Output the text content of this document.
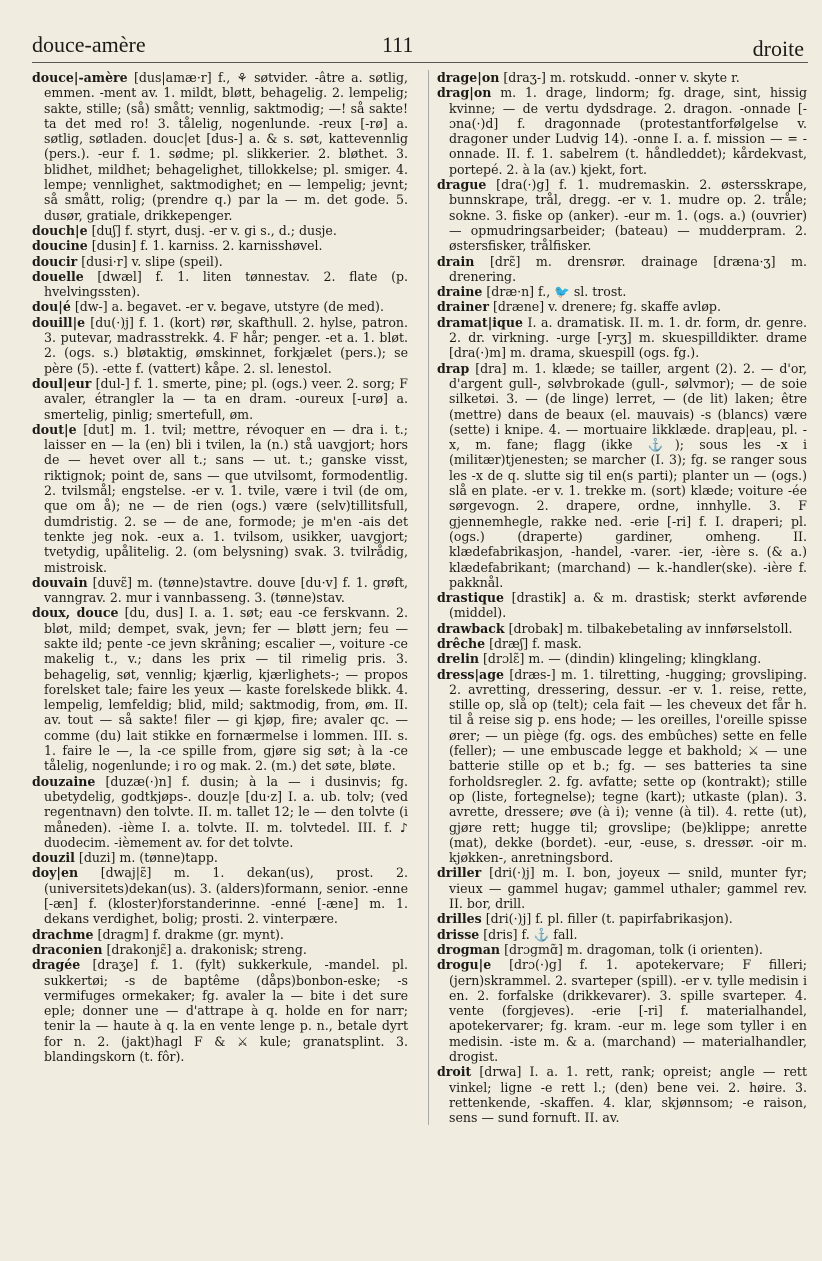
douce-amère	111	droite

douce|-amère [dus|amæ·r] f., ⚘ søtvider. -âtre a. søtlig, emmen. -ment av. 1. mildt, bløtt, behagelig. 2. lempelig; sakte, stille; (så) smått; vennlig, saktmodig; —! så sakte! ta det med ro! 3. tålelig, nogenlunde. -reux [-rø] a. søtlig, søtladen. douc|et [dus-] a. & s. søt, kattevennlig (pers.). -eur f. 1. sødme; pl. slikkerier. 2. bløthet. 3. blidhet, mildhet; behagelighet, tillokkelse; pl. smiger. 4. lempe; vennlighet, saktmodighet; en — lempelig; jevnt; så smått, rolig; (prendre q.) par la — m. det gode. 5. dusør, gratiale, drikkepenger.

douch|e [duʃ] f. styrt, dusj. -er v. gi s., d.; dusje.

doucine [dusin] f. 1. karniss. 2. karnisshøvel.

doucir [dusi·r] v. slipe (speil).

douelle [dwæl] f. 1. liten tønnestav. 2. flate (p. hvelvingssten).

dou|é [dw-] a. begavet. -er v. begave, utstyre (de med).

douill|e [du(·)j] f. 1. (kort) rør, skafthull. 2. hylse, patron. 3. putevar, madrasstrekk. 4. F hår; penger. -et a. 1. bløt. 2. (ogs. s.) bløtaktig, ømskinnet, forkjælet (pers.); se père (5). -ette f. (vattert) kåpe. 2. sl. lenestol.

doul|eur [dul-] f. 1. smerte, pine; pl. (ogs.) veer. 2. sorg; F avaler, étrangler la — ta en dram. -oureux [-urø] a. smertelig, pinlig; smertefull, øm.

dout|e [dut] m. 1. tvil; mettre, révoquer en — dra i. t.; laisser en — la (en) bli i tvilen, la (n.) stå uavgjort; hors de — hevet over all t.; sans — ut. t.; ganske visst, riktignok; point de, sans — que utvilsomt, formodentlig. 2. tvilsmål; engstelse. -er v. 1. tvile, være i tvil (de om, que om å); ne — de rien (ogs.) være (selv)tillitsfull, dumdristig. 2. se — de ane, formode; je m'en -ais det tenkte jeg nok. -eux a. 1. tvilsom, usikker, uavgjort; tvetydig, upålitelig. 2. (om belysning) svak. 3. tvilrådig, mistroisk.

douvain [duvɛ̃] m. (tønne)stavtre. douve [du·v] f. 1. grøft, vanngrav. 2. mur i vannbasseng. 3. (tønne)stav.

doux, douce [du, dus] I. a. 1. søt; eau -ce ferskvann. 2. bløt, mild; dempet, svak, jevn; fer — bløtt jern; feu — sakte ild; pente -ce jevn skråning; escalier —, voiture -ce makelig t., v.; dans les prix — til rimelig pris. 3. behagelig, søt, vennlig; kjærlig, kjærlighets-; — propos forelsket tale; faire les yeux — kaste forelskede blikk. 4. lempelig, lemfeldig; blid, mild; saktmodig, from, øm. II. av. tout — så sakte! filer — gi kjøp, fire; avaler qc. — comme (du) lait stikke en fornærmelse i lommen. III. s. 1. faire le —, la -ce spille from, gjøre sig søt; à la -ce tålelig, nogenlunde; i ro og mak. 2. (m.) det søte, bløte.

douzaine [duzæ(·)n] f. dusin; à la — i dusinvis; fg. ubetydelig, godtkjøps-. douz|e [du·z] I. a. ub. tolv; (ved regentnavn) den tolvte. II. m. tallet 12; le — den tolvte (i måneden). -ième I. a. tolvte. II. m. tolvtedel. III. f. ♪ duodecim. -ièmement av. for det tolvte.

douzil [duzi] m. (tønne)tapp.

doy|en [dwaj|ɛ̃] m. 1. dekan(us), prost. 2. (universitets)dekan(us). 3. (alders)formann, senior. -enne [-æn] f. (kloster)forstanderinne. -enné [-æne] m. 1. dekans verdighet, bolig; prosti. 2. vinterpære.

drachme [dragm] f. drakme (gr. mynt).

draconien [drakonjɛ̃] a. drakonisk; streng.

dragée [draʒe] f. 1. (fylt) sukkerkule, -mandel. pl. sukkertøi; -s de baptême (dåps)bonbon-eske; -s vermifuges ormekaker; fg. avaler la — bite i det sure eple; donner une — d'attrape à q. holde en for narr; tenir la — haute à q. la en vente lenge p. n., betale dyrt for n. 2. (jakt)hagl F & ⚔ kule; granatsplint. 3. blandingskorn (t. fôr).

drage|on [draʒ-] m. rotskudd. -onner v. skyte r.

drag|on m. 1. drage, lindorm; fg. drage, sint, hissig kvinne; — de vertu dydsdrage. 2. dragon. -onnade [-ɔna(·)d] f. dragonnade (protestantforfølgelse v. dragoner under Ludvig 14). -onne I. a. f. mission — = -onnade. II. f. 1. sabelrem (t. håndleddet); kårdekvast, portepé. 2. à la (av.) kjekt, fort.

drague [dra(·)g] f. 1. mudremaskin. 2. østersskrape, bunnskrape, trål, dregg. -er v. 1. mudre op. 2. tråle; sokne. 3. fiske op (anker). -eur m. 1. (ogs. a.) (ouvrier) — opmudringsarbeider; (bateau) — mudderpram. 2. østersfisker, trålfisker.

drain [drɛ̃] m. drensrør. drainage [dræna·ʒ] m. drenering.

draine [dræ·n] f., 🐦 sl. trost.

drainer [dræne] v. drenere; fg. skaffe avløp.

dramat|ique I. a. dramatisk. II. m. 1. dr. form, dr. genre. 2. dr. virkning. -urge [-yrʒ] m. skuespilldikter. drame [dra(·)m] m. drama, skuespill (ogs. fg.).

drap [dra] m. 1. klæde; se tailler, argent (2). 2. — d'or, d'argent gull-, sølvbrokade (gull-, sølvmor); — de soie silketøi. 3. — (de linge) lerret, — (de lit) laken; être (mettre) dans de beaux (el. mauvais) -s (blancs) være (sette) i knipe. 4. — mortuaire likklæde. drap|eau, pl. -x, m. fane; flagg (ikke ⚓); sous les -x i (militær)tjenesten; se marcher (I. 3); fg. se ranger sous les -x de q. slutte sig til en(s parti); planter un — (ogs.) slå en plate. -er v. 1. trekke m. (sort) klæde; voiture -ée sørgevogn. 2. drapere, ordne, innhylle. 3. F gjennemhegle, rakke ned. -erie [-ri] f. I. draperi; pl. (ogs.) (draperte) gardiner, omheng. II. klædefabrikasjon, -handel, -varer. -ier, -ière s. (& a.) klædefabrikant; (marchand) — k.-handler(ske). -ière f. pakknål.

drastique [drastik] a. & m. drastisk; sterkt avførende (middel).

drawback [drobak] m. tilbakebetaling av innførselstoll.

drêche [dræʃ] f. mask.

drelin [drɔlɛ̃] m. — (dindin) klingeling; klingklang.

dress|age [dræs-] m. 1. tilretting, -hugging; grovsliping. 2. avretting, dressering, dessur. -er v. 1. reise, rette, stille op, slå op (telt); cela fait — les cheveux det får h. til å reise sig p. ens hode; — les oreilles, l'oreille spisse ører; — un piège (fg. ogs. des embûches) sette en felle (feller); — une embuscade legge et bakhold; ⚔ — une batterie stille op et b.; fg. — ses batteries ta sine forholdsregler. 2. fg. avfatte; sette op (kontrakt); stille op (liste, fortegnelse); tegne (kart); utkaste (plan). 3. avrette, dressere; øve (à i); venne (à til). 4. rette (ut), gjøre rett; hugge til; grovslipe; (be)klippe; anrette (mat), dekke (bordet). -eur, -euse, s. dressør. -oir m. kjøkken-, anretningsbord.

driller [dri(·)j] m. I. bon, joyeux — snild, munter fyr; vieux — gammel hugav; gammel uthaler; gammel rev. II. bor, drill.

drilles [dri(·)j] f. pl. filler (t. papirfabrikasjon).

drisse [dris] f. ⚓ fall.

drogman [drɔgmɑ̃] m. dragoman, tolk (i orienten).

drogu|e [drɔ(·)g] f. 1. apotekervare; F filleri; (jern)skrammel. 2. svarteper (spill). -er v. tylle medisin i en. 2. forfalske (drikkevarer). 3. spille svarteper. 4. vente (forgjeves). -erie [-ri] f. materialhandel, apotekervarer; fg. kram. -eur m. lege som tyller i en medisin. -iste m. & a. (marchand) — materialhandler, drogist.

droit [drwa] I. a. 1. rett, rank; opreist; angle — rett vinkel; ligne -e rett l.; (den) bene vei. 2. høire. 3. rettenkende, -skaffen. 4. klar, skjønnsom; -e raison, sens — sund fornuft. II. av.
